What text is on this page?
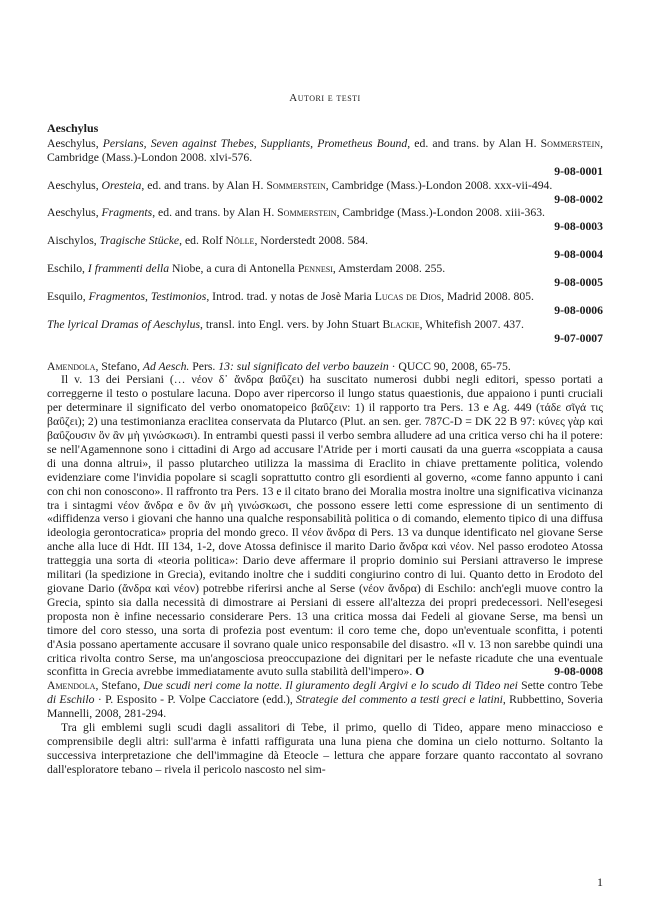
Autori e testi
Aeschylus
Aeschylus, Persians, Seven against Thebes, Suppliants, Prometheus Bound, ed. and trans. by Alan H. Sommerstein, Cambridge (Mass.)-London 2008. xlvi-576.
9-08-0001
Aeschylus, Oresteia, ed. and trans. by Alan H. Sommerstein, Cambridge (Mass.)-London 2008. xxx-vii-494.
9-08-0002
Aeschylus, Fragments, ed. and trans. by Alan H. Sommerstein, Cambridge (Mass.)-London 2008. xiii-363.
9-08-0003
Aischylos, Tragische Stücke, ed. Rolf Nölle, Norderstedt 2008. 584.
9-08-0004
Eschilo, I frammenti della Niobe, a cura di Antonella Pennesi, Amsterdam 2008. 255.
9-08-0005
Esquilo, Fragmentos, Testimonios, Introd. trad. y notas de Josè Maria Lucas de Dios, Madrid 2008. 805.
9-08-0006
The lyrical Dramas of Aeschylus, transl. into Engl. vers. by John Stuart Blackie, Whitefish 2007. 437.
9-07-0007
Amendola, Stefano, Ad Aesch. Pers. 13: sul significato del verbo bauzein · QUCC 90, 2008, 65-75.
Il v. 13 dei Persiani (… νέον δ᾽ ἄνδρα βαΰζει) ha suscitato numerosi dubbi negli editori, spesso portati a correggerne il testo o postulare lacuna. Dopo aver ripercorso il lungo status quaestionis, due appaiono i punti cruciali per determinare il significato del verbo onomatopeico βαΰζειν: 1) il rapporto tra Pers. 13 e Ag. 449 (τάδε σῖγά τις βαΰζει); 2) una testimonianza eraclitea conservata da Plutarco (Plut. an sen. ger. 787C-D = DK 22 B 97: κύνες γὰρ καὶ βαΰζουσιν ὃν ἂν μὴ γινώσκωσι). In entrambi questi passi il verbo sembra alludere ad una critica verso chi ha il potere: se nell'Agamennone sono i cittadini di Argo ad accusare l'Atride per i morti causati da una guerra «scoppiata a causa di una donna altrui», il passo plutarcheo utilizza la massima di Eraclito in chiave prettamente politica, volendo evidenziare come l'invidia popolare si scagli soprattutto contro gli esordienti al governo, «come fanno appunto i cani con chi non conoscono». Il raffronto tra Pers. 13 e il citato brano dei Moralia mostra inoltre una significativa vicinanza tra i sintagmi νέον ἄνδρα e ὃν ἂν μὴ γινώσκωσι, che possono essere letti come espressione di un sentimento di «diffidenza verso i giovani che hanno una qualche responsabilità politica o di comando, elemento tipico di una diffusa ideologia gerontocratica» propria del mondo greco. Il νέον ἄνδρα di Pers. 13 va dunque identificato nel giovane Serse anche alla luce di Hdt. III 134, 1-2, dove Atossa definisce il marito Dario ἄνδρα καὶ νέον. Nel passo erodoteo Atossa tratteggia una sorta di «teoria politica»: Dario deve affermare il proprio dominio sui Persiani attraverso le imprese militari (la spedizione in Grecia), evitando inoltre che i sudditi congiurino contro di lui. Quanto detto in Erodoto del giovane Dario (ἄνδρα καὶ νέον) potrebbe riferirsi anche al Serse (νέον ἄνδρα) di Eschilo: anch'egli muove contro la Grecia, spinto sia dalla necessità di dimostrare ai Persiani di essere all'altezza dei propri predecessori. Nell'esegesi proposta non è infine necessario considerare Pers. 13 una critica mossa dai Fedeli al giovane Serse, ma bensì un timore del coro stesso, una sorta di profezia post eventum: il coro teme che, dopo un'eventuale sconfitta, i potenti d'Asia possano apertamente accusare il sovrano quale unico responsabile del disastro. «Il v. 13 non sarebbe quindi una critica rivolta contro Serse, ma un'angosciosa preoccupazione dei dignitari per le nefaste ricadute che una eventuale sconfitta in Grecia avrebbe immediatamente avuto sulla stabilità dell'impero». O	9-08-0008
Amendola, Stefano, Due scudi neri come la notte. Il giuramento degli Argivi e lo scudo di Tideo nei Sette contro Tebe di Eschilo · P. Esposito - P. Volpe Cacciatore (edd.), Strategie del commento a testi greci e latini, Rubbettino, Soveria Mannelli, 2008, 281-294.
Tra gli emblemi sugli scudi dagli assalitori di Tebe, il primo, quello di Tideo, appare meno minaccioso e comprensibile degli altri: sull'arma è infatti raffigurata una luna piena che domina un cielo notturno. Soltanto la successiva interpretazione che dell'immagine dà Eteocle – lettura che appare forzare quanto raccontato al sovrano dall'esploratore tebano – rivela il pericolo nascosto nel sim-
1
